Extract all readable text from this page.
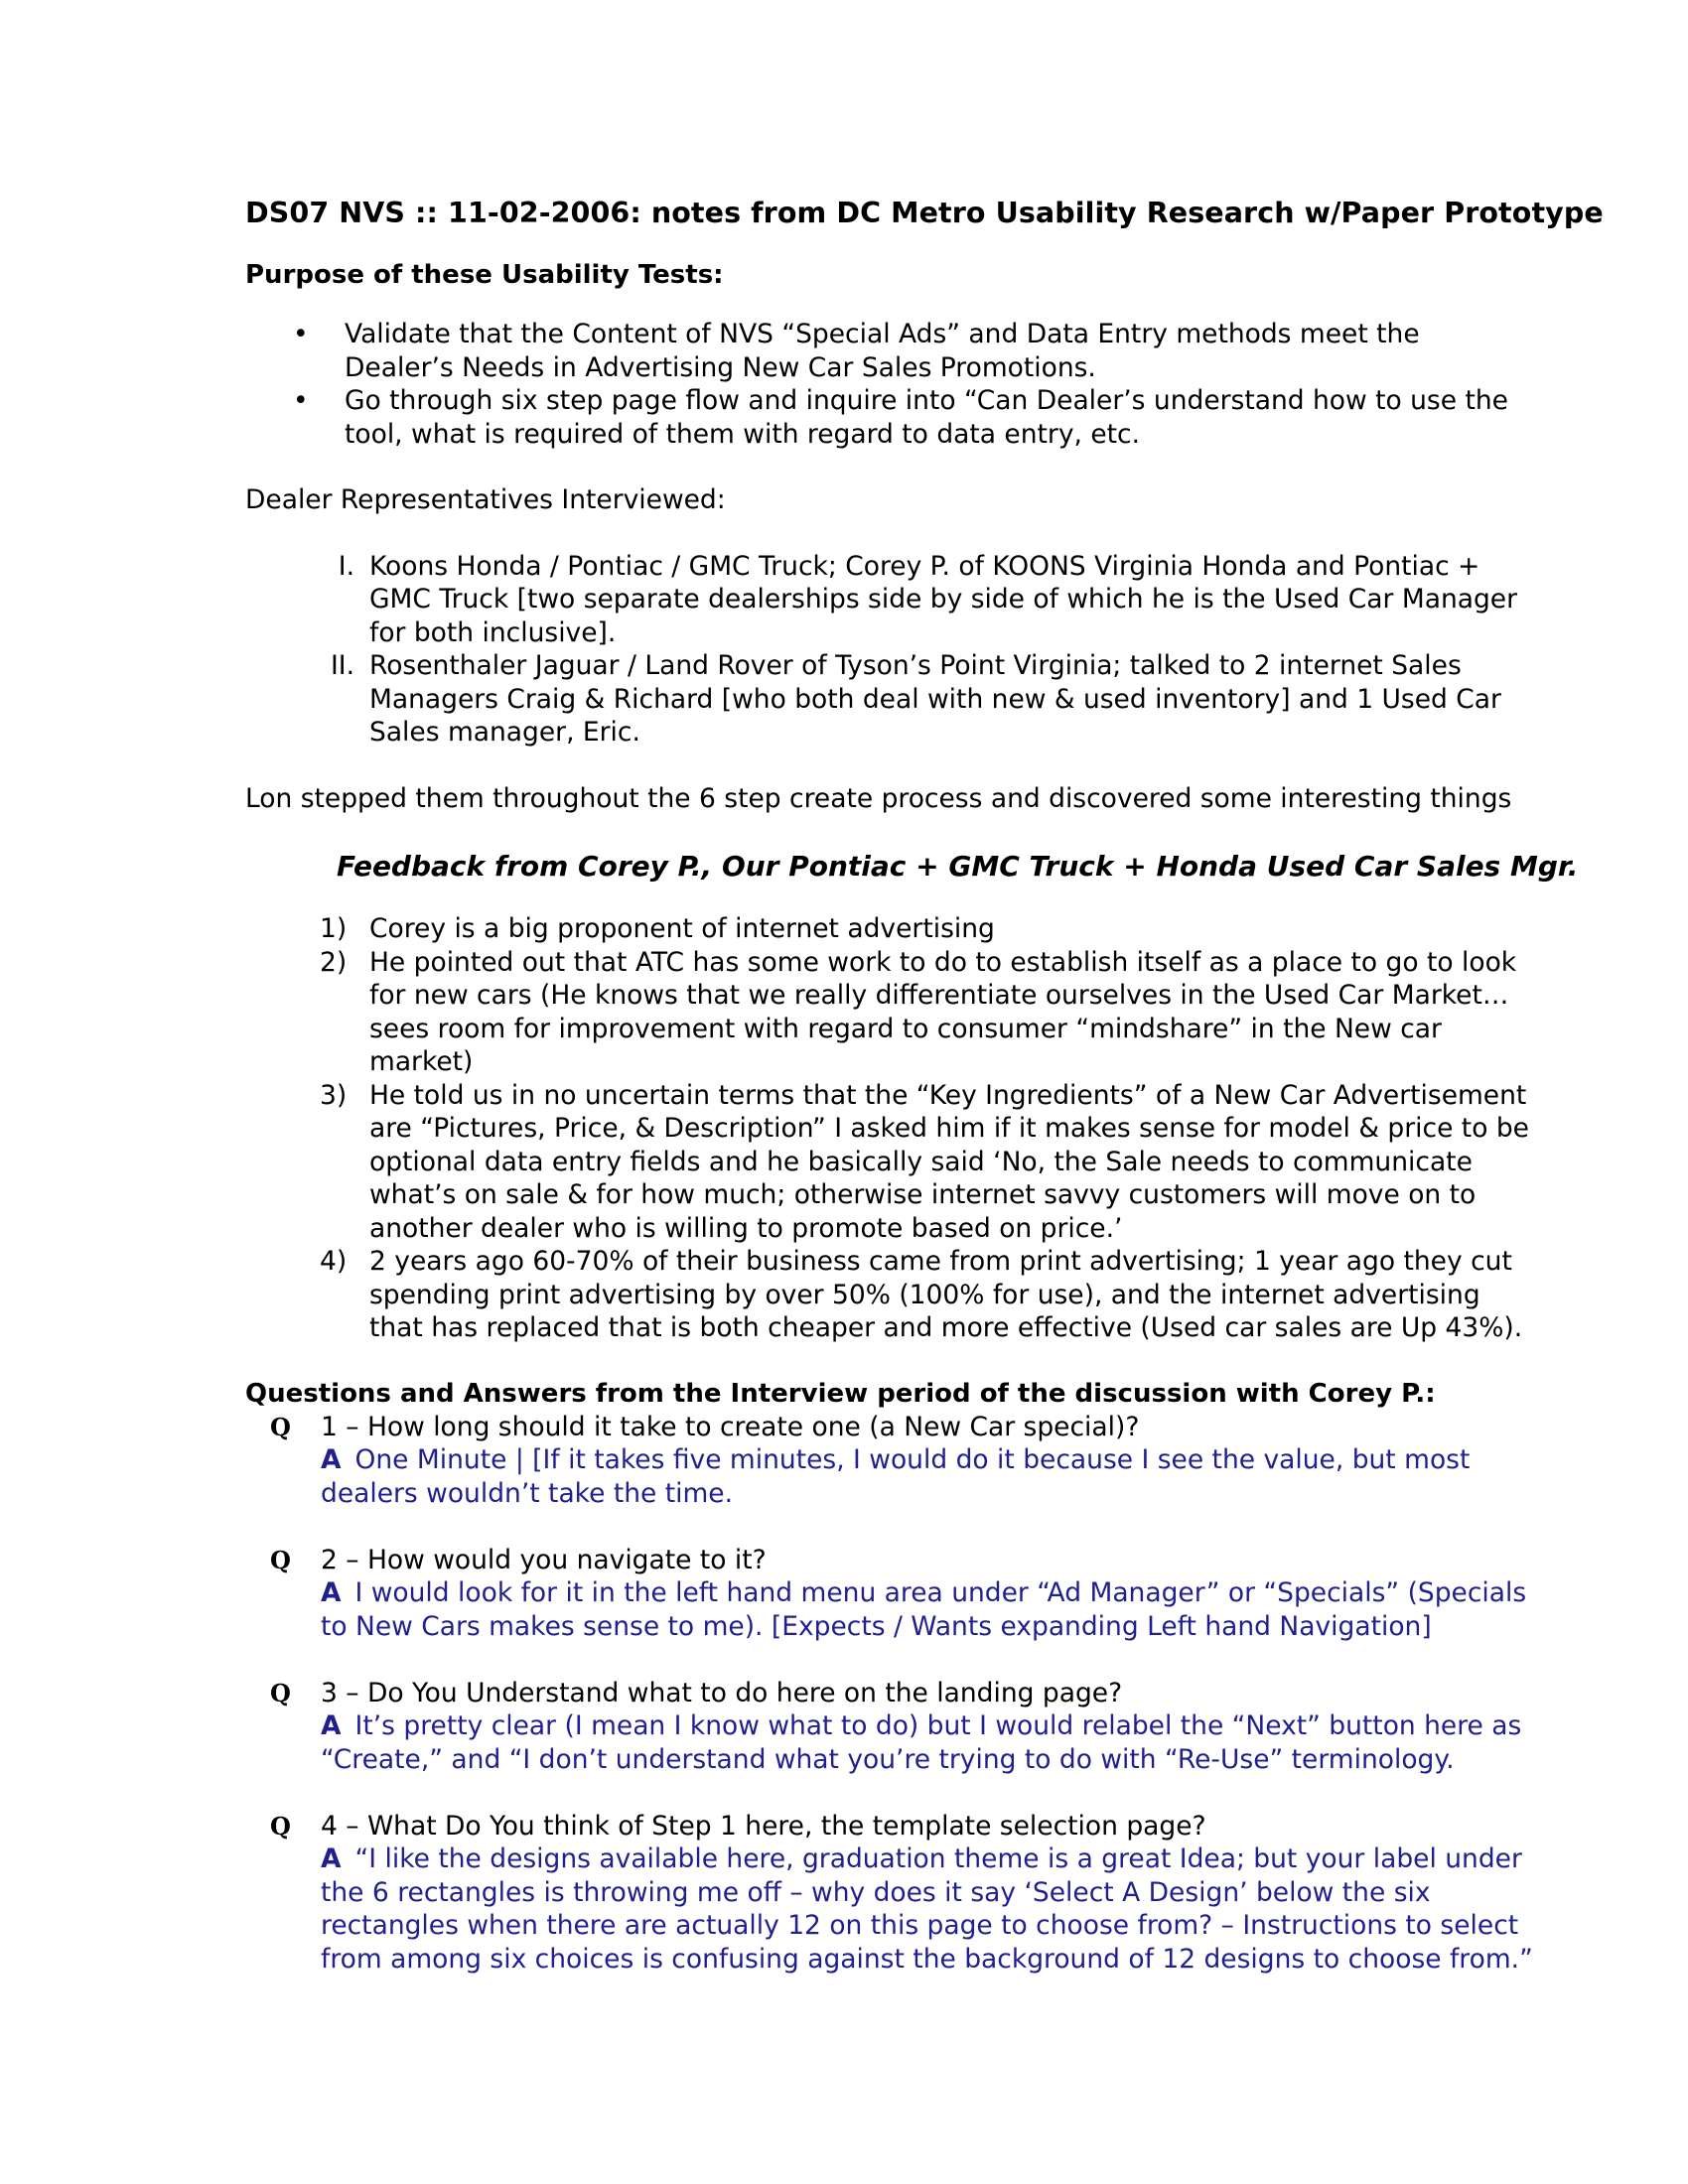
DS07 NVS :: 11-02-2006: notes from DC Metro Usability Research w/Paper Prototype
Purpose of these Usability Tests:
• Validate that the Content of NVS “Special Ads” and Data Entry methods meet the Dealer’s Needs in Advertising New Car Sales Promotions.
• Go through six step page flow and inquire into “Can Dealer’s understand how to use the tool, what is required of them with regard to data entry, etc.

Dealer Representatives Interviewed:

I. Koons Honda / Pontiac / GMC Truck; Corey P. of KOONS Virginia Honda and Pontiac + GMC Truck [two separate dealerships side by side of which he is the Used Car Manager for both inclusive].
II. Rosenthaler Jaguar / Land Rover of Tyson’s Point Virginia; talked to 2 internet Sales Managers Craig & Richard [who both deal with new & used inventory] and 1 Used Car Sales manager, Eric.

Lon stepped them throughout the 6 step create process and discovered some interesting things

Feedback from Corey P., Our Pontiac + GMC Truck + Honda Used Car Sales Mgr.
1) Corey is a big proponent of internet advertising
2) He pointed out that ATC has some work to do to establish itself as a place to go to look for new cars (He knows that we really differentiate ourselves in the Used Car Market…sees room for improvement with regard to consumer “mindshare” in the New car market)
3) He told us in no uncertain terms that the “Key Ingredients” of a New Car Advertisement are “Pictures, Price, & Description” I asked him if it makes sense for model & price to be optional data entry fields and he basically said ‘No, the Sale needs to communicate what’s on sale & for how much; otherwise internet savvy customers will move on to another dealer who is willing to promote based on price.’
4) 2 years ago 60-70% of their business came from print advertising; 1 year ago they cut spending print advertising by over 50% (100% for use), and the internet advertising that has replaced that is both cheaper and more effective (Used car sales are Up 43%).
Questions and Answers from the Interview period of the discussion with Corey P.:
Q 1 – How long should it take to create one (a New Car special)?
A One Minute | [If it takes five minutes, I would do it because I see the value, but most dealers wouldn’t take the time.
Q 2 – How would you navigate to it?
A I would look for it in the left hand menu area under “Ad Manager” or “Specials” (Specials to New Cars makes sense to me). [Expects / Wants expanding Left hand Navigation]
Q 3 – Do You Understand what to do here on the landing page?
A It’s pretty clear (I mean I know what to do) but I would relabel the “Next” button here as “Create,” and “I don’t understand what you’re trying to do with “Re-Use” terminology.
Q 4 – What Do You think of Step 1 here, the template selection page?
A “I like the designs available here, graduation theme is a great Idea; but your label under the 6 rectangles is throwing me off – why does it say ‘Select A Design’ below the six rectangles when there are actually 12 on this page to choose from? – Instructions to select from among six choices is confusing against the background of 12 designs to choose from.”
